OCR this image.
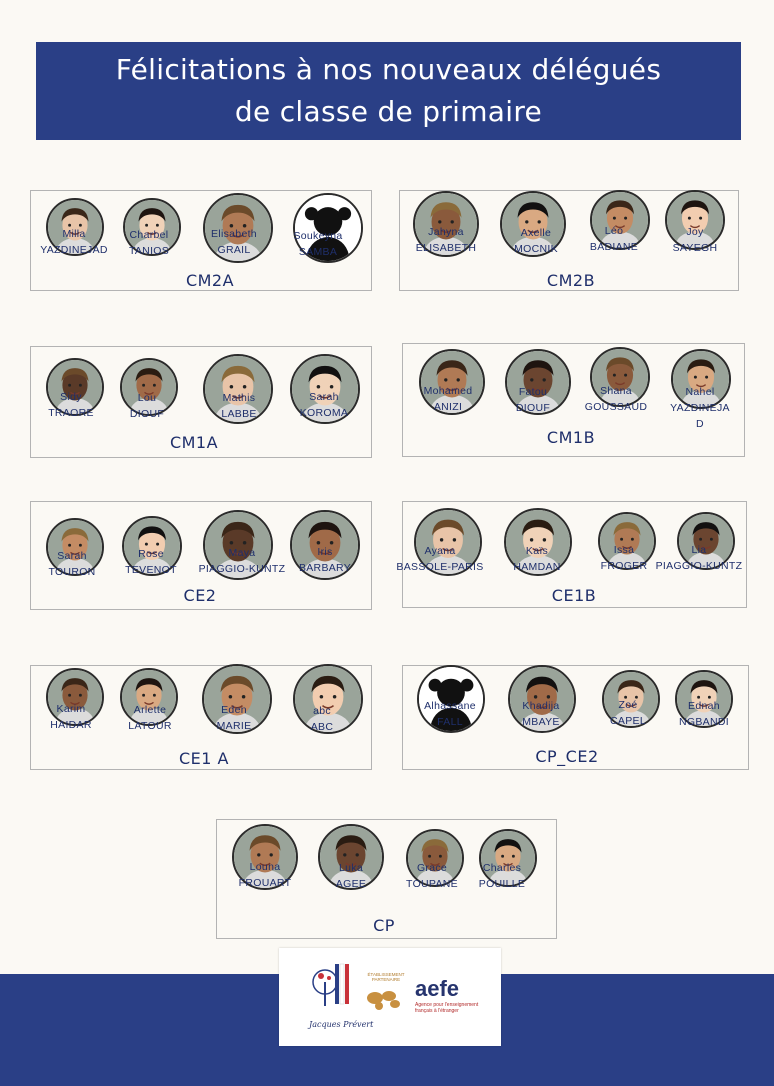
Félicitations à nos nouveaux délégués
de classe de primaire
CM2A
Milla
YAZDINEJAD
Charbel
TANIOS
Elisabeth
GRAIL
Soukeyna
SAMBA
CM2B
Jahyna
ELISABETH
Axelle
MOCNIK
Léo
BADIANE
Joy
SAYEGH
CM1A
Sidy
TRAORE
Lou
DIOUF
Mathis
LABBE
Sarah
KOROMA
CM1B
Mohamed
ANIZI
Fatou
DIOUF
Shana
GOUSSAUD
Nahel
YAZDINEJA
D
CE2
Sarah
TOURON
Rose
TEVENOT
Maya
PIAGGIO-KUNTZ
Iris
BARBARY
CE1B
Ayana
BASSOLE-PARIS
Kaïs
HAMDAN
Issa
FROGER
Lia
PIAGGIO-KUNTZ
CE1 A
Karim
HAIDAR
Arlette
LATOUR
Eden
MARIE
abc
ABC
CP_CE2
Alhassane
FALL
Khadija
MBAYE
Zoé
CAPEL
Ednah
NGBANDI
CP
Louna
FROUART
Luka
AGEE
Grace
TOUPANE
Charles
POUILLE
Jacques Prévert
ÉTABLISSEMENT PARTENAIRE aefe
Agence pour l'enseignement français à l'étranger
